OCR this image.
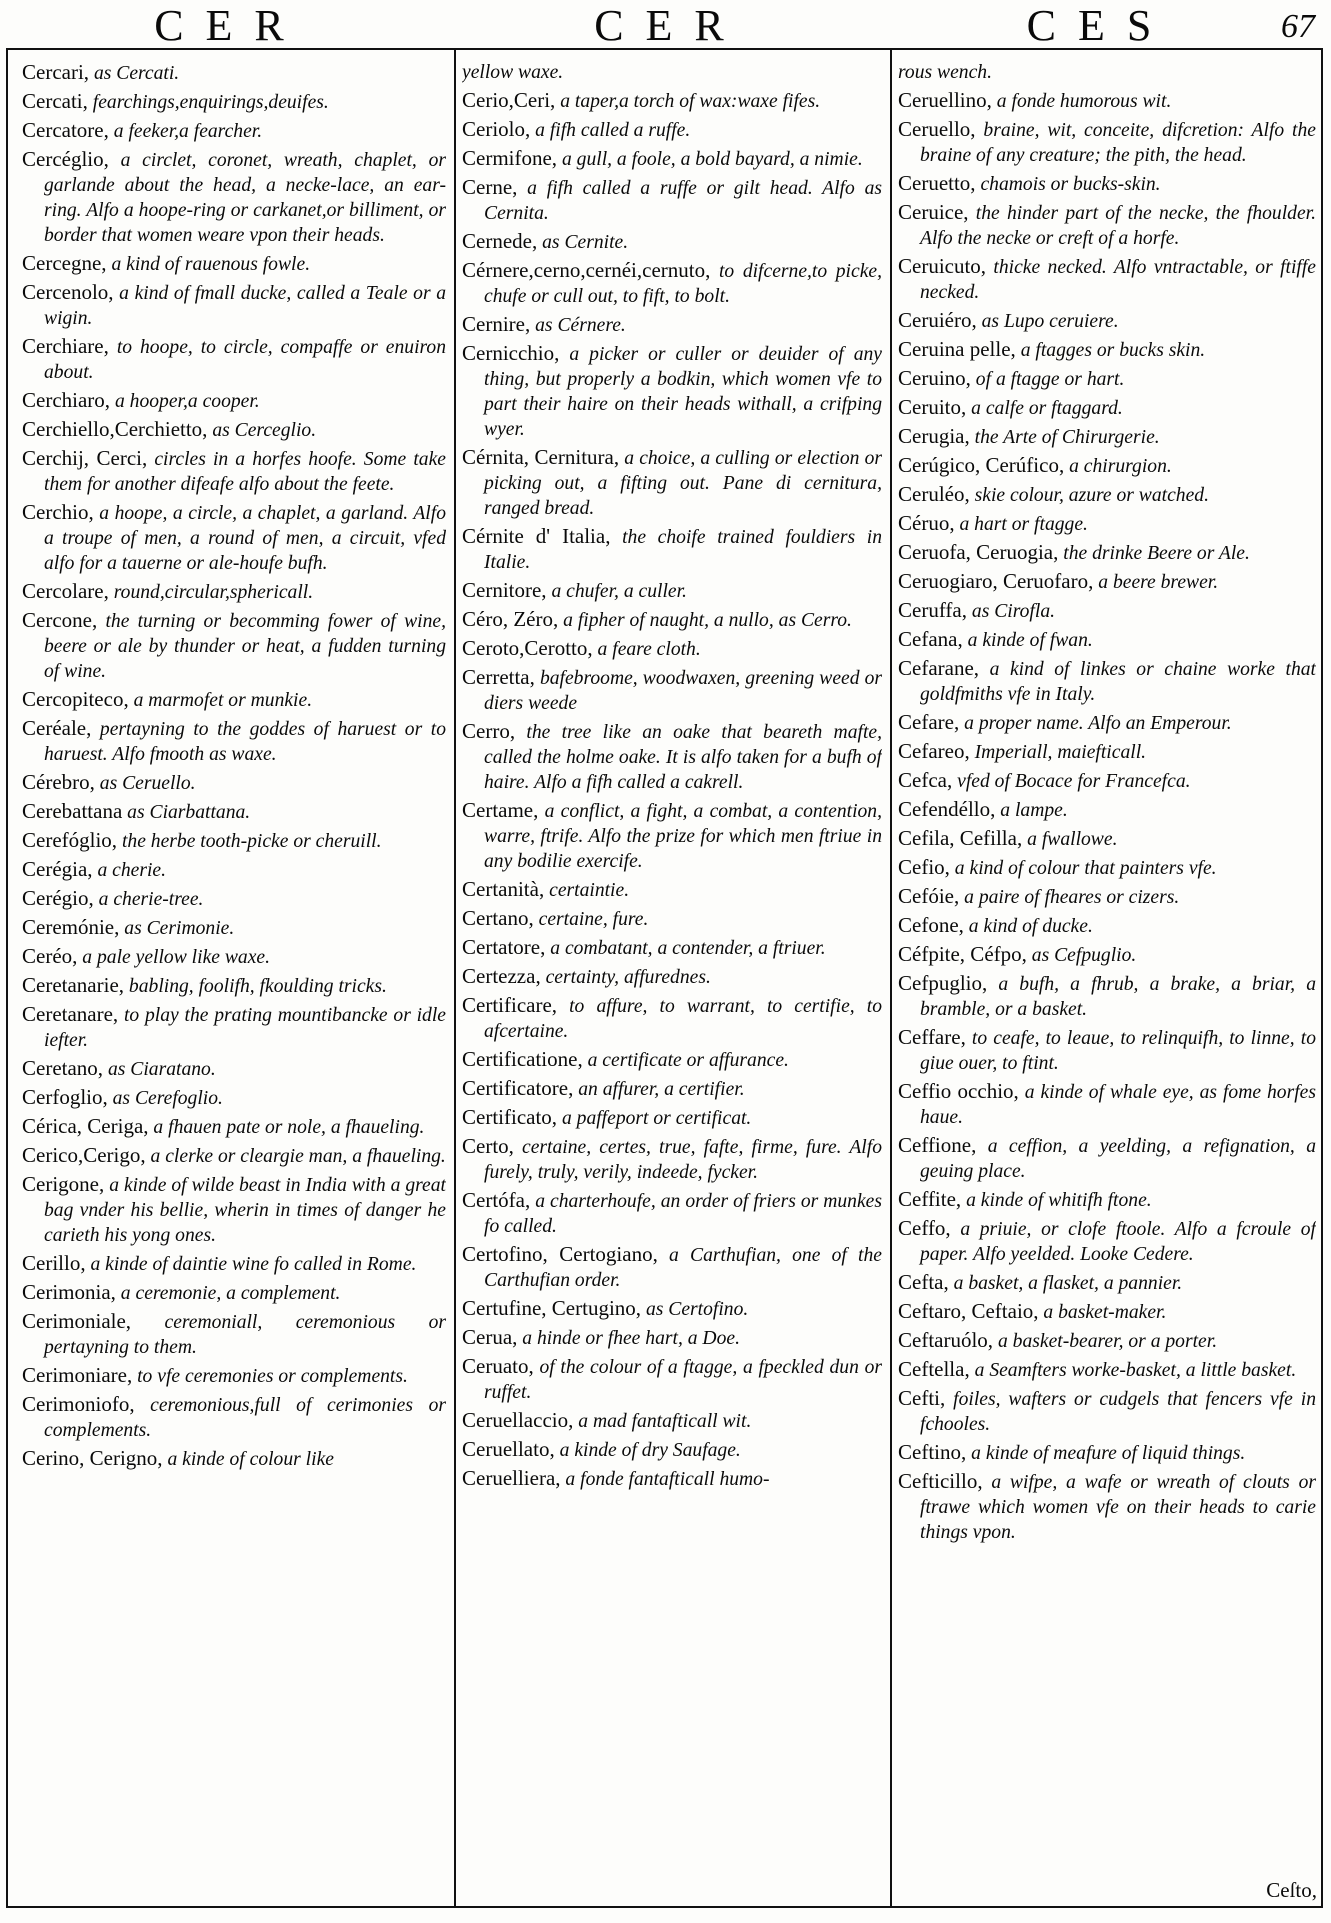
CER	CER	CES	67

Cercari, as Cercati.

Cercati, fearchings,enquirings,deuifes.

Cercatore, a feeker,a fearcher.

Cercéglio, a circlet, coronet, wreath, chaplet, or garlande about the head, a necke-lace, an ear-ring. Alfo a hoope-ring or carkanet,or billiment, or border that women weare vpon their heads.

Cercegne, a kind of rauenous fowle.

Cercenolo, a kind of fmall ducke, called a Teale or a wigin.

Cerchiare, to hoope, to circle, compaffe or enuiron about.

Cerchiaro, a hooper,a cooper.

Cerchiello,Cerchietto, as Cerceglio.

Cerchij, Cerci, circles in a horfes hoofe. Some take them for another difeafe alfo about the feete.

Cerchio, a hoope, a circle, a chaplet, a garland. Alfo a troupe of men, a round of men, a circuit, vfed alfo for a tauerne or ale-houfe bufh.

Cercolare, round,circular,sphericall.

Cercone, the turning or becomming fower of wine, beere or ale by thunder or heat, a fudden turning of wine.

Cercopiteco, a marmofet or munkie.

Ceréale, pertayning to the goddes of haruest or to haruest. Alfo fmooth as waxe.

Cérebro, as Ceruello.

Cerebattana as Ciarbattana.

Cerefóglio, the herbe tooth-picke or cheruill.

Cerégia, a cherie.

Cerégio, a cherie-tree.

Ceremónie, as Cerimonie.

Ceréo, a pale yellow like waxe.

Ceretanarie, babling, foolifh, fkoulding tricks.

Ceretanare, to play the prating mountibancke or idle iefter.

Ceretano, as Ciaratano.

Cerfoglio, as Cerefoglio.

Cérica, Ceriga, a fhauen pate or nole, a fhaueling.

Cerico,Cerigo, a clerke or cleargie man, a fhaueling.

Cerigone, a kinde of wilde beast in India with a great bag vnder his bellie, wherin in times of danger he carieth his yong ones.

Cerillo, a kinde of daintie wine fo called in Rome.

Cerimonia, a ceremonie, a complement.

Cerimoniale, ceremoniall, ceremonious or pertayning to them.

Cerimoniare, to vfe ceremonies or complements.

Cerimoniofo, ceremonious,full of cerimonies or complements.

Cerino, Cerigno, a kinde of colour like

yellow waxe.

Cerio,Ceri, a taper,a torch of wax:waxe fifes.

Ceriolo, a fifh called a ruffe.

Cermifone, a gull, a foole, a bold bayard, a nimie.

Cerne, a fifh called a ruffe or gilt head. Alfo as Cernita.

Cernede, as Cernite.

Cérnere,cerno,cernéi,cernuto, to difcerne,to picke, chufe or cull out, to fift, to bolt.

Cernire, as Cérnere.

Cernicchio, a picker or culler or deuider of any thing, but properly a bodkin, which women vfe to part their haire on their heads withall, a crifping wyer.

Cérnita, Cernitura, a choice, a culling or election or picking out, a fifting out. Pane di cernitura, ranged bread.

Cérnite d' Italia, the choife trained fouldiers in Italie.

Cernitore, a chufer, a culler.

Céro, Zéro, a fipher of naught, a nullo, as Cerro.

Ceroto,Cerotto, a feare cloth.

Cerretta, bafebroome, woodwaxen, greening weed or diers weede

Cerro, the tree like an oake that beareth mafte, called the holme oake. It is alfo taken for a bufh of haire. Alfo a fifh called a cakrell.

Certame, a conflict, a fight, a combat, a contention, warre, ftrife. Alfo the prize for which men ftriue in any bodilie exercife.

Certanità, certaintie.

Certano, certaine, fure.

Certatore, a combatant, a contender, a ftriuer.

Certezza, certainty, affurednes.

Certificare, to affure, to warrant, to certifie, to afcertaine.

Certificatione, a certificate or affurance.

Certificatore, an affurer, a certifier.

Certificato, a paffeport or certificat.

Certo, certaine, certes, true, fafte, firme, fure. Alfo furely, truly, verily, indeede, fycker.

Certófa, a charterhoufe, an order of friers or munkes fo called.

Certofino, Certogiano, a Carthufian, one of the Carthufian order.

Certufine, Certugino, as Certofino.

Cerua, a hinde or fhee hart, a Doe.

Ceruato, of the colour of a ftagge, a fpeckled dun or ruffet.

Ceruellaccio, a mad fantafticall wit.

Ceruellato, a kinde of dry Saufage.

Ceruelliera, a fonde fantafticall humo-

rous wench.

Ceruellino, a fonde humorous wit.

Ceruello, braine, wit, conceite, difcretion: Alfo the braine of any creature; the pith, the head.

Ceruetto, chamois or bucks-skin.

Ceruice, the hinder part of the necke, the fhoulder. Alfo the necke or creft of a horfe.

Ceruicuto, thicke necked. Alfo vntractable, or ftiffe necked.

Ceruiéro, as Lupo ceruiere.

Ceruina pelle, a ftagges or bucks skin.

Ceruino, of a ftagge or hart.

Ceruito, a calfe or ftaggard.

Cerugia, the Arte of Chirurgerie.

Cerúgico, Cerúfico, a chirurgion.

Ceruléo, skie colour, azure or watched.

Céruo, a hart or ftagge.

Ceruofa, Ceruogia, the drinke Beere or Ale.

Ceruogiaro, Ceruofaro, a beere brewer.

Ceruffa, as Cirofla.

Cefana, a kinde of fwan.

Cefarane, a kind of linkes or chaine worke that goldfmiths vfe in Italy.

Cefare, a proper name. Alfo an Emperour.

Cefareo, Imperiall, maiefticall.

Cefca, vfed of Bocace for Francefca.

Cefendéllo, a lampe.

Cefila, Cefilla, a fwallowe.

Cefio, a kind of colour that painters vfe.

Cefóie, a paire of fheares or cizers.

Cefone, a kind of ducke.

Céfpite, Céfpo, as Cefpuglio.

Cefpuglio, a bufh, a fhrub, a brake, a briar, a bramble, or a basket.

Ceffare, to ceafe, to leaue, to relinquifh, to linne, to giue ouer, to ftint.

Ceffio occhio, a kinde of whale eye, as fome horfes haue.

Ceffione, a ceffion, a yeelding, a refignation, a geuing place.

Ceffite, a kinde of whitifh ftone.

Ceffo, a priuie, or clofe ftoole. Alfo a fcroule of paper. Alfo yeelded. Looke Cedere.

Cefta, a basket, a flasket, a pannier.

Ceftaro, Ceftaio, a basket-maker.

Ceftaruólo, a basket-bearer, or a porter.

Ceftella, a Seamfters worke-basket, a little basket.

Cefti, foiles, wafters or cudgels that fencers vfe in fchooles.

Ceftino, a kinde of meafure of liquid things.

Cefticillo, a wifpe, a wafe or wreath of clouts or ftrawe which women vfe on their heads to carie things vpon.

Ceſto,
